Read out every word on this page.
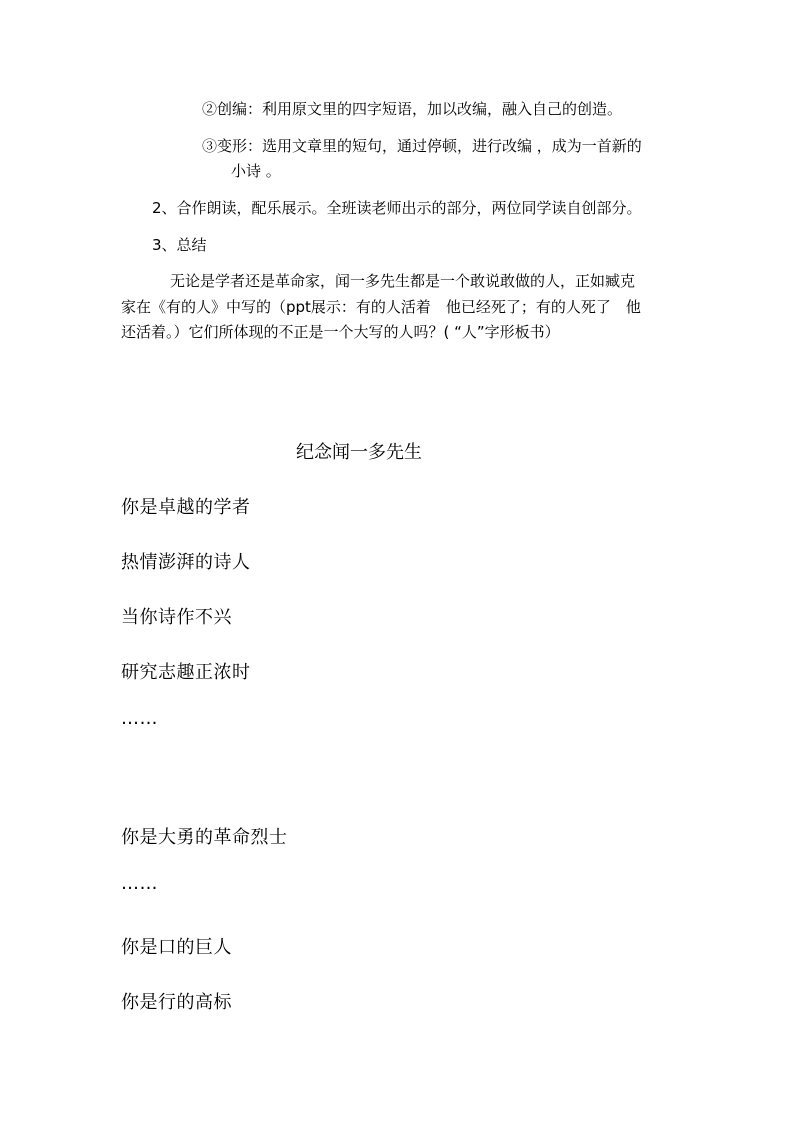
②创编：利用原文里的四字短语，加以改编，融入自己的创造。

③变形：选用文章里的短句，通过停顿，进行改编 ，成为一首新的

小诗 。

2、合作朗读，配乐展示。全班读老师出示的部分，两位同学读自创部分。

3、总结

无论是学者还是革命家，闻一多先生都是一个敢说敢做的人，正如臧克

家在《有的人》中写的（ppt展示：有的人活着　他已经死了；有的人死了　他

还活着。）它们所体现的不正是一个大写的人吗？( “人”字形板书）

纪念闻一多先生

你是卓越的学者

热情澎湃的诗人

当你诗作不兴

研究志趣正浓时

……

你是大勇的革命烈士

……

你是口的巨人

你是行的高标
